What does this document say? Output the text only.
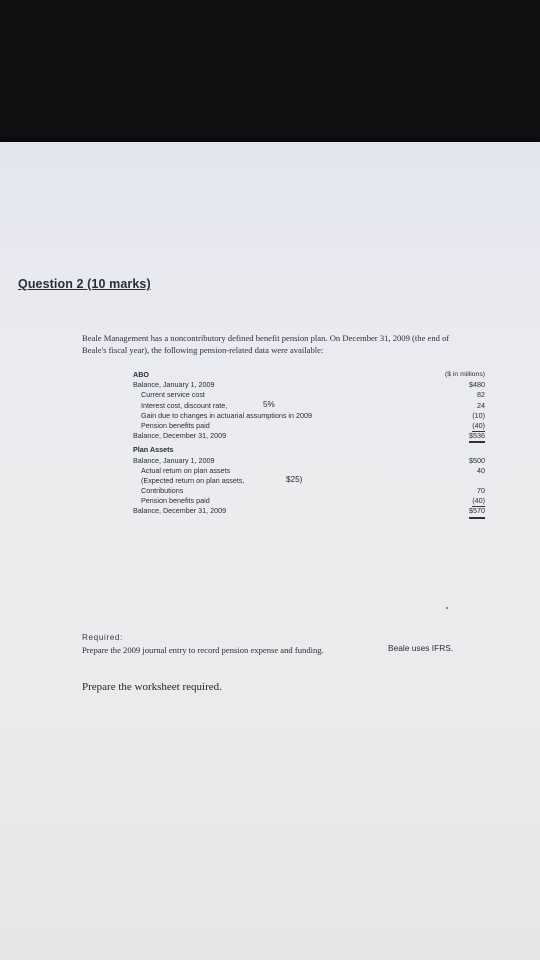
Question 2 (10 marks)

Beale Management has a noncontributory defined benefit pension plan. On December 31, 2009 (the end of
Beale's fiscal year), the following pension-related data were available:

ABO	($ in millions)
Balance, January 1, 2009	$480
Current service cost	82
Interest cost, discount rate,	5%	24
Gain due to changes in actuarial assumptions in 2009	(10)
Pension benefits paid	(40)
Balance, December 31, 2009	$536
Plan Assets
Balance, January 1, 2009	$500
Actual return on plan assets	40
(Expected return on plan assets,	$25)
Contributions	70
Pension benefits paid	(40)
Balance, December 31, 2009	$570
Required:
Prepare the 2009 journal entry to record pension expense and funding.	Beale uses IFRS.
Prepare the worksheet required.
